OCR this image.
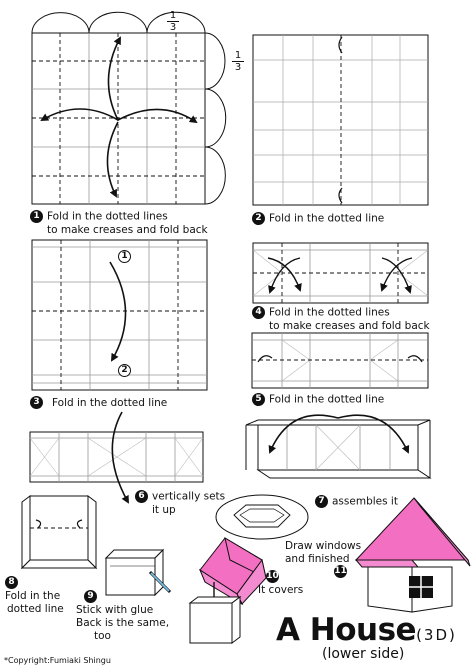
1
3
1
3
1
2
1 Fold in the dotted lines
to make creases and fold back
2 Fold in the dotted line
3 Fold in the dotted line
4 Fold in the dotted lines
to make creases and fold back
5 Fold in the dotted line
6 vertically sets
it up
7 assembles it
8
Fold in the
dotted line
9
Stick with glue
Back is the same,
too
10
It covers
Draw windows
and finished
11
A House(3D)
(lower side)
*Copyright:Fumiaki Shingu
